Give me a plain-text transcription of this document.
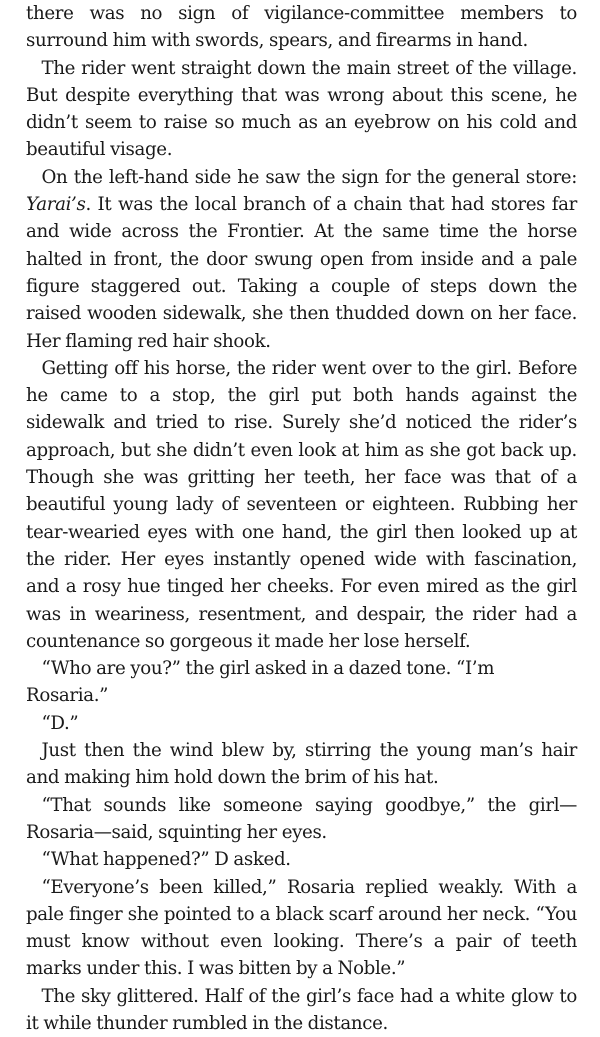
there was no sign of vigilance-committee members to surround him with swords, spears, and firearms in hand.

The rider went straight down the main street of the village. But despite everything that was wrong about this scene, he didn’t seem to raise so much as an eyebrow on his cold and beautiful visage.

On the left-hand side he saw the sign for the general store: Yarai’s. It was the local branch of a chain that had stores far and wide across the Frontier. At the same time the horse halted in front, the door swung open from inside and a pale figure staggered out. Taking a couple of steps down the raised wooden sidewalk, she then thudded down on her face. Her flaming red hair shook.

Getting off his horse, the rider went over to the girl. Before he came to a stop, the girl put both hands against the sidewalk and tried to rise. Surely she’d noticed the rider’s approach, but she didn’t even look at him as she got back up. Though she was gritting her teeth, her face was that of a beautiful young lady of seventeen or eighteen. Rubbing her tear-wearied eyes with one hand, the girl then looked up at the rider. Her eyes instantly opened wide with fascination, and a rosy hue tinged her cheeks. For even mired as the girl was in weariness, resentment, and despair, the rider had a countenance so gorgeous it made her lose herself.

“Who are you?” the girl asked in a dazed tone. “I’m Rosaria.”

“D.”

Just then the wind blew by, stirring the young man’s hair and making him hold down the brim of his hat.

“That sounds like someone saying goodbye,” the girl—Rosaria—said, squinting her eyes.

“What happened?” D asked.

“Everyone’s been killed,” Rosaria replied weakly. With a pale finger she pointed to a black scarf around her neck. “You must know without even looking. There’s a pair of teeth marks under this. I was bitten by a Noble.”

The sky glittered. Half of the girl’s face had a white glow to it while thunder rumbled in the distance.
